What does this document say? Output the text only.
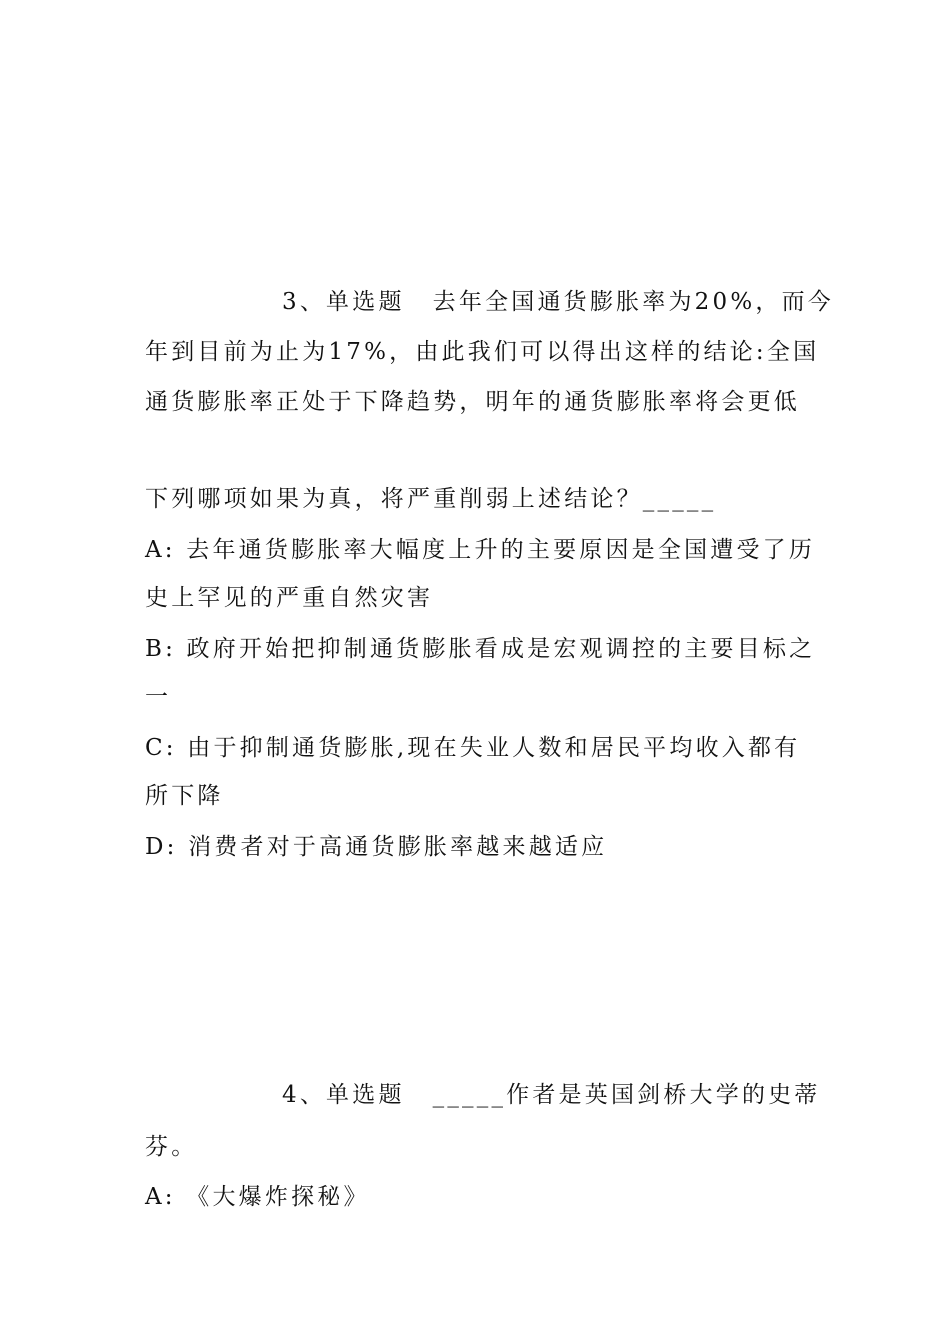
3、单选题 去年全国通货膨胀率为20%，而今
年到目前为止为17%，由此我们可以得出这样的结论:全国
通货膨胀率正处于下降趋势，明年的通货膨胀率将会更低
下列哪项如果为真，将严重削弱上述结论？_____
A: 去年通货膨胀率大幅度上升的主要原因是全国遭受了历
史上罕见的严重自然灾害
B: 政府开始把抑制通货膨胀看成是宏观调控的主要目标之
一
C: 由于抑制通货膨胀,现在失业人数和居民平均收入都有
所下降
D: 消费者对于高通货膨胀率越来越适应
4、单选题 _____作者是英国剑桥大学的史蒂
芬。
A: 《大爆炸探秘》
